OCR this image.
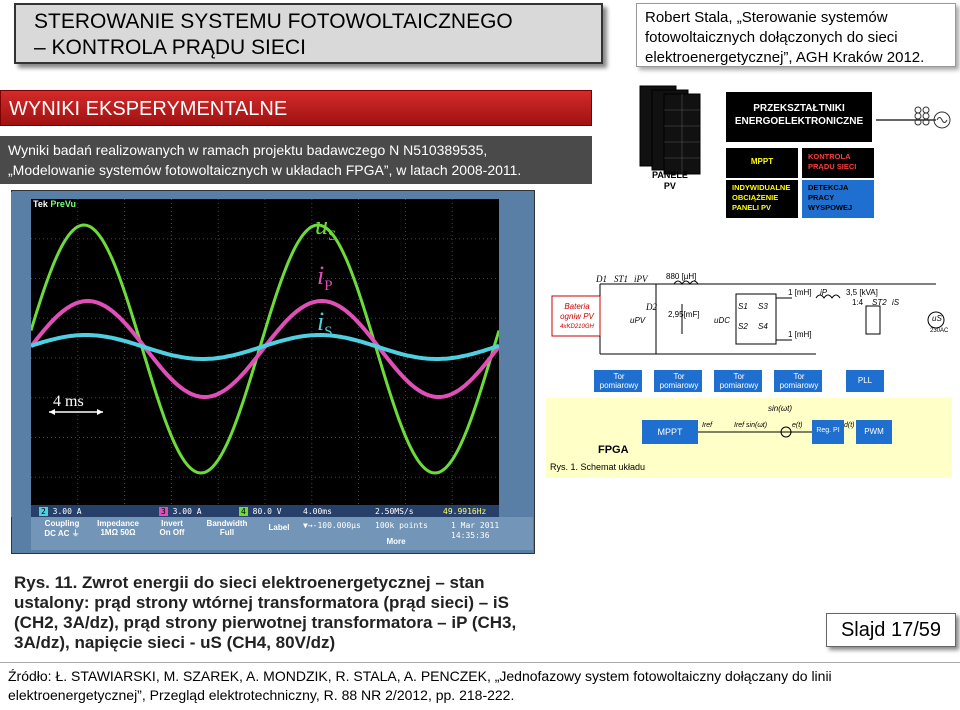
STEROWANIE SYSTEMU FOTOWOLTAICZNEGO
– KONTROLA PRĄDU SIECI
Robert Stala, „Sterowanie systemów
fotowoltaicznych dołączonych do sieci
elektroenergetycznej”, AGH Kraków 2012.
WYNIKI EKSPERYMENTALNE
Wyniki badań realizowanych w ramach projektu badawczego N N510389535,
„Modelowanie systemów fotowoltaicznych w układach FPGA”, w latach 2008-2011.
Tek PreVu
$u_S$
$i_P$
$i_S$
4 ms
2 3.00 A	3 3.00 A	4 80.0 V	4.00ms	2.50MS/s	49.9916Hz
Coupling
DC AC ⏚
Impedance
1MΩ 50Ω
Invert
On Off
Bandwidth
Full
Label	▼→-100.000µs 100k points	1 Mar 2011
14:35:36
More
PANELE
PV
PRZEKSZTAŁTNIKI
ENERGOELEKTRONICZNE
MPPT
KONTROLA
PRĄDU SIECI
INDYWIDUALNE
OBCIĄŻENIE
PANELI PV
DETEKCJA
PRACY
WYSPOWEJ
Bateria
ogniw PV
4xKD210GH
D1 ST1 iPV 880 [µH]
D2
2,95[mF]
uPV	uDC
S1 S3
S2 S4
1 [mH] iP 3,5 [kVA]
1:4 ST2 iS
1 [mH]
uS
230AC
Tor pomiarowy
Tor pomiarowy
Tor pomiarowy
Tor pomiarowy
PLL
sin(ωt)
Iref	Iref sin(ωt)	e(t)	d(t)
MPPT	Reg. PI	PWM
FPGA
Rys. 1. Schemat układu
Rys. 11. Zwrot energii do sieci elektroenergetycznej – stan ustalony: prąd strony wtórnej transformatora (prąd sieci) – iS (CH2, 3A/dz), prąd strony pierwotnej transformatora – iP (CH3, 3A/dz), napięcie sieci - uS (CH4, 80V/dz)
Slajd 17/59
Źródło: Ł. STAWIARSKI, M. SZAREK, A. MONDZIK, R. STALA, A. PENCZEK, „Jednofazowy system fotowoltaiczny dołączany do linii
elektroenergetycznej”, Przegląd elektrotechniczny, R. 88 NR 2/2012, pp. 218-222.
